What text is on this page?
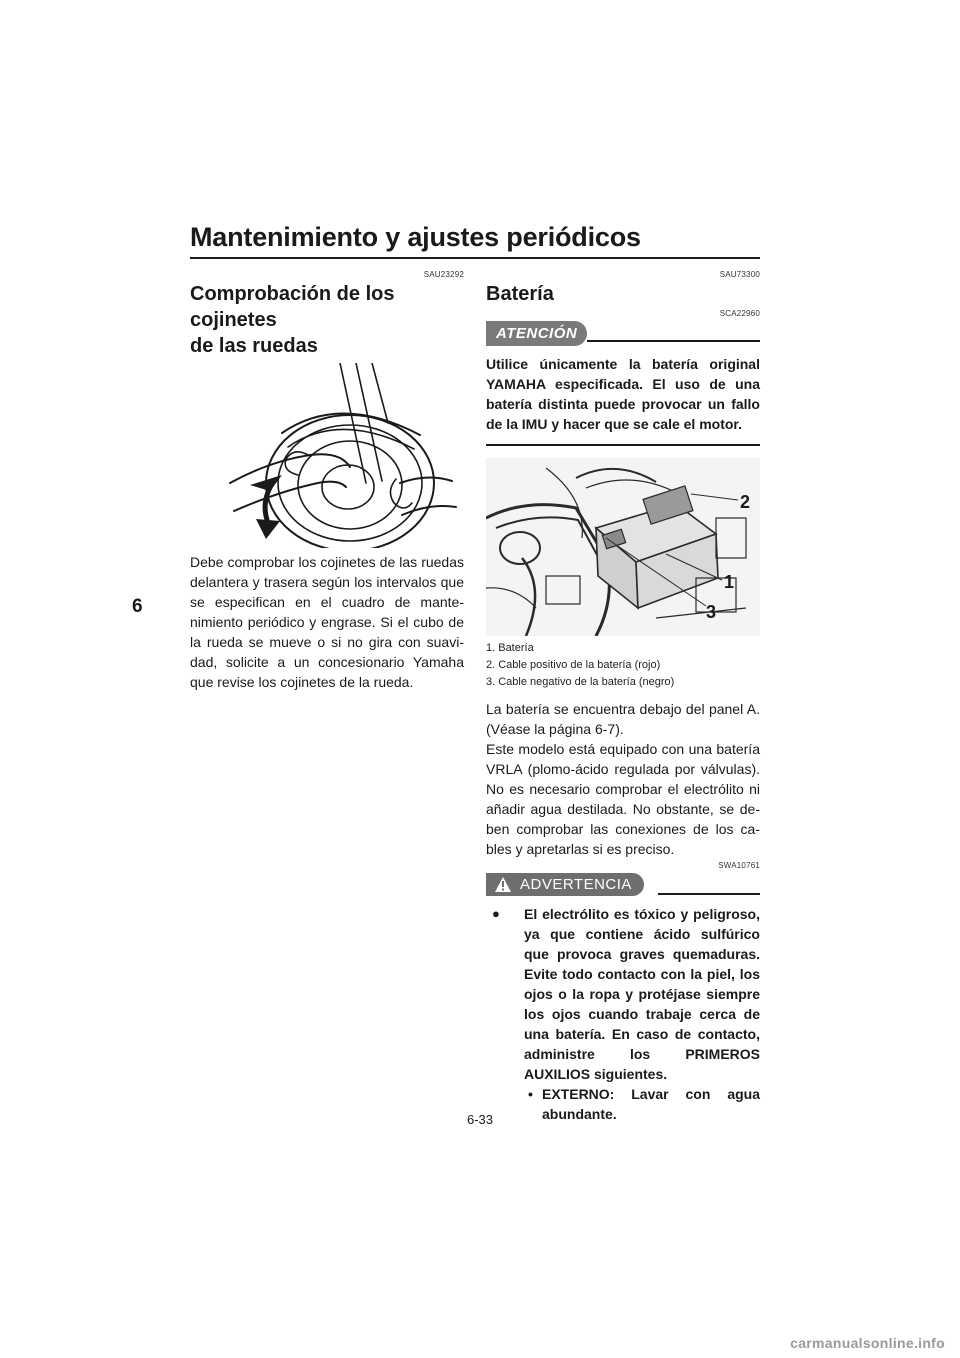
Mantenimiento y ajustes periódicos
6
SAU23292
Comprobación de los cojinetes
de las ruedas

Debe comprobar los cojinetes de las ruedas delantera y trasera según los intervalos que se especifican en el cuadro de mantenimiento periódico y engrase. Si el cubo de la rueda se mueve o si no gira con suavidad, solicite a un concesionario Yamaha que revise los cojinetes de la rueda.

SAU73300
Batería
SCA22960
ATENCIÓN

Utilice únicamente la batería original YAMAHA especificada. El uso de una batería distinta puede provocar un fallo de la IMU y hacer que se cale el motor.

2
1
3
1. Batería
2. Cable positivo de la batería (rojo)
3. Cable negativo de la batería (negro)

La batería se encuentra debajo del panel A. (Véase la página 6-7).

Este modelo está equipado con una batería VRLA (plomo-ácido regulada por válvulas). No es necesario comprobar el electrólito ni añadir agua destilada. No obstante, se deben comprobar las conexiones de los cables y apretarlas si es preciso.

SWA10761
ADVERTENCIA
●	El electrólito es tóxico y peligroso, ya que contiene ácido sulfúrico que provoca graves quemaduras. Evite todo contacto con la piel, los ojos o la ropa y protéjase siempre los ojos cuando trabaje cerca de una batería. En caso de contacto, administre los PRIMEROS AUXILIOS siguientes.
• EXTERNO: Lavar con agua abundante.
6-33
carmanualsonline.info
